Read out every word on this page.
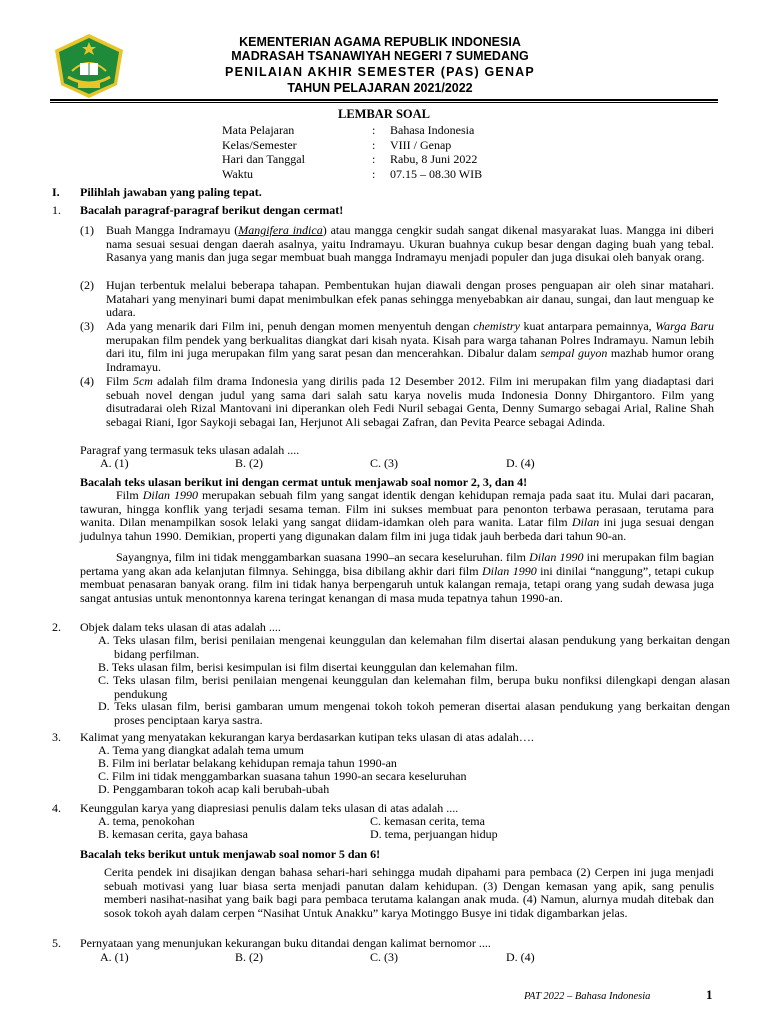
KEMENTERIAN AGAMA REPUBLIK INDONESIA
MADRASAH TSANAWIYAH NEGERI 7 SUMEDANG
PENILAIAN AKHIR SEMESTER (PAS) GENAP
TAHUN PELAJARAN 2021/2022
LEMBAR SOAL
Mata Pelajaran	:	Bahasa Indonesia
Kelas/Semester	:	VIII / Genap
Hari dan Tanggal	:	Rabu, 8 Juni 2022
Waktu	:	07.15 – 08.30 WIB
I. Pilihlah jawaban yang paling tepat.
1. Bacalah paragraf-paragraf berikut dengan cermat!
(1) Buah Mangga Indramayu (Mangifera indica) atau mangga cengkir sudah sangat dikenal masyarakat luas. Mangga ini diberi nama sesuai sesuai dengan daerah asalnya, yaitu Indramayu. Ukuran buahnya cukup besar dengan daging buah yang tebal. Rasanya yang manis dan juga segar membuat buah mangga Indramayu menjadi populer dan juga disukai oleh banyak orang.
(2) Hujan terbentuk melalui beberapa tahapan. Pembentukan hujan diawali dengan proses penguapan air oleh sinar matahari. Matahari yang menyinari bumi dapat menimbulkan efek panas sehingga menyebabkan air danau, sungai, dan laut menguap ke udara.
(3) Ada yang menarik dari Film ini, penuh dengan momen menyentuh dengan chemistry kuat antarpara pemainnya, Warga Baru merupakan film pendek yang berkualitas diangkat dari kisah nyata. Kisah para warga tahanan Polres Indramayu. Namun lebih dari itu, film ini juga merupakan film yang sarat pesan dan mencerahkan. Dibalur dalam sempal guyon mazhab humor orang Indramayu.
(4) Film 5cm adalah film drama Indonesia yang dirilis pada 12 Desember 2012. Film ini merupakan film yang diadaptasi dari sebuah novel dengan judul yang sama dari salah satu karya novelis muda Indonesia Donny Dhirgantoro. Film yang disutradarai oleh Rizal Mantovani ini diperankan oleh Fedi Nuril sebagai Genta, Denny Sumargo sebagai Arial, Raline Shah sebagai Riani, Igor Saykoji sebagai Ian, Herjunot Ali sebagai Zafran, dan Pevita Pearce sebagai Adinda.
Paragraf yang termasuk teks ulasan adalah ....
A. (1)	B. (2)	C. (3)	D. (4)
Bacalah teks ulasan berikut ini dengan cermat untuk menjawab soal nomor 2, 3, dan 4!
Film Dilan 1990 merupakan sebuah film yang sangat identik dengan kehidupan remaja pada saat itu. Mulai dari pacaran, tawuran, hingga konflik yang terjadi sesama teman. Film ini sukses membuat para penonton terbawa perasaan, terutama para wanita. Dilan menampilkan sosok lelaki yang sangat diidam-idamkan oleh para wanita. Latar film Dilan ini juga sesuai dengan judulnya tahun 1990. Demikian, properti yang digunakan dalam film ini juga tidak jauh berbeda dari tahun 90-an.
Sayangnya, film ini tidak menggambarkan suasana 1990–an secara keseluruhan. film Dilan 1990 ini merupakan film bagian pertama yang akan ada kelanjutan filmnya. Sehingga, bisa dibilang akhir dari film Dilan 1990 ini dinilai “nanggung”, tetapi cukup membuat penasaran banyak orang. film ini tidak hanya berpengaruh untuk kalangan remaja, tetapi orang yang sudah dewasa juga sangat antusias untuk menontonnya karena teringat kenangan di masa muda tepatnya tahun 1990-an.
2. Objek dalam teks ulasan di atas adalah ....
A. Teks ulasan film, berisi penilaian mengenai keunggulan dan kelemahan film disertai alasan pendukung yang berkaitan dengan bidang perfilman.
B. Teks ulasan film, berisi kesimpulan isi film disertai keunggulan dan kelemahan film.
C. Teks ulasan film, berisi penilaian mengenai keunggulan dan kelemahan film, berupa buku nonfiksi dilengkapi dengan alasan pendukung
D. Teks ulasan film, berisi gambaran umum mengenai tokoh tokoh pemeran disertai alasan pendukung yang berkaitan dengan proses penciptaan karya sastra.
3. Kalimat yang menyatakan kekurangan karya berdasarkan kutipan teks ulasan di atas adalah….
A. Tema yang diangkat adalah tema umum
B. Film ini berlatar belakang kehidupan remaja tahun 1990-an
C. Film ini tidak menggambarkan suasana tahun 1990-an secara keseluruhan
D. Penggambaran tokoh acap kali berubah-ubah
4. Keunggulan karya yang diapresiasi penulis dalam teks ulasan di atas adalah ....
A. tema, penokohan	C. kemasan cerita, tema
B. kemasan cerita, gaya bahasa	D. tema, perjuangan hidup
Bacalah teks berikut untuk menjawab soal nomor 5 dan 6!
Cerita pendek ini disajikan dengan bahasa sehari-hari sehingga mudah dipahami para pembaca (2) Cerpen ini juga menjadi sebuah motivasi yang luar biasa serta menjadi panutan dalam kehidupan. (3) Dengan kemasan yang apik, sang penulis memberi nasihat-nasihat yang baik bagi para pembaca terutama kalangan anak muda. (4) Namun, alurnya mudah ditebak dan sosok tokoh ayah dalam cerpen “Nasihat Untuk Anakku” karya Motinggo Busye ini tidak digambarkan jelas.
5. Pernyataan yang menunjukan kekurangan buku ditandai dengan kalimat bernomor ....
A. (1)	B. (2)	C. (3)	D. (4)
PAT 2022 – Bahasa Indonesia	1
